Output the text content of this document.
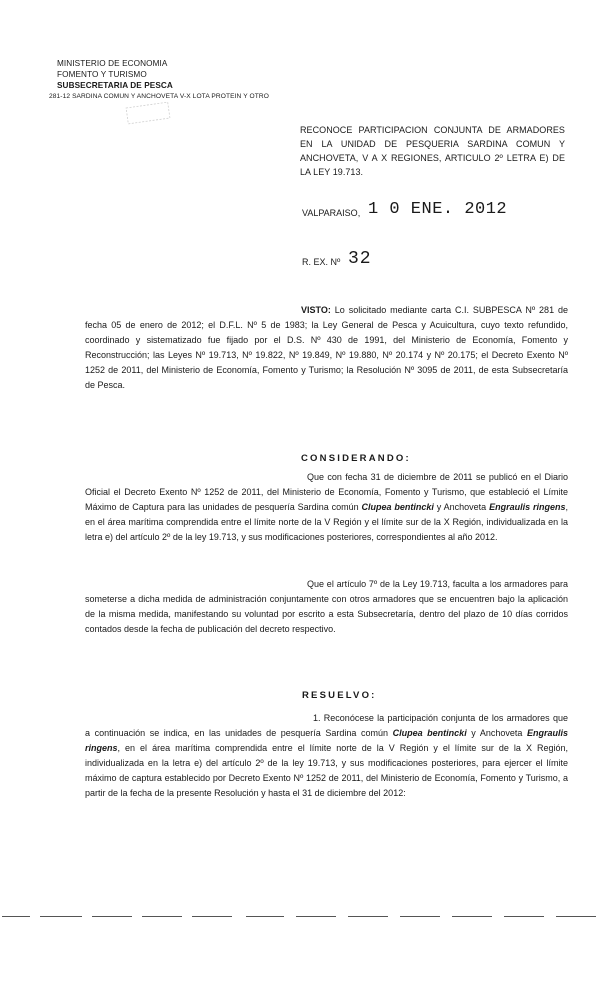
MINISTERIO DE ECONOMIA
FOMENTO Y TURISMO
SUBSECRETARIA DE PESCA
281-12 SARDINA COMUN Y ANCHOVETA V-X LOTA PROTEIN Y OTRO
RECONOCE PARTICIPACION CONJUNTA DE ARMADORES EN LA UNIDAD DE PESQUERIA SARDINA COMUN Y ANCHOVETA, V A X REGIONES, ARTICULO 2º LETRA E) DE LA LEY 19.713.
VALPARAISO, 1 0 ENE. 2012
R. EX. Nº 32
VISTO: Lo solicitado mediante carta C.I. SUBPESCA Nº 281 de fecha 05 de enero de 2012; el D.F.L. Nº 5 de 1983; la Ley General de Pesca y Acuicultura, cuyo texto refundido, coordinado y sistematizado fue fijado por el D.S. Nº 430 de 1991, del Ministerio de Economía, Fomento y Reconstrucción; las Leyes Nº 19.713, Nº 19.822, Nº 19.849, Nº 19.880, Nº 20.174 y Nº 20.175; el Decreto Exento Nº 1252 de 2011, del Ministerio de Economía, Fomento y Turismo; la Resolución Nº 3095 de 2011, de esta Subsecretaría de Pesca.
CONSIDERANDO:
Que con fecha 31 de diciembre de 2011 se publicó en el Diario Oficial el Decreto Exento Nº 1252 de 2011, del Ministerio de Economía, Fomento y Turismo, que estableció el Límite Máximo de Captura para las unidades de pesquería Sardina común Clupea bentincki y Anchoveta Engraulis ringens, en el área marítima comprendida entre el límite norte de la V Región y el límite sur de la X Región, individualizada en la letra e) del artículo 2º de la ley 19.713, y sus modificaciones posteriores, correspondientes al año 2012.
Que el artículo 7º de la Ley 19.713, faculta a los armadores para someterse a dicha medida de administración conjuntamente con otros armadores que se encuentren bajo la aplicación de la misma medida, manifestando su voluntad por escrito a esta Subsecretaría, dentro del plazo de 10 días corridos contados desde la fecha de publicación del decreto respectivo.
RESUELVO:
1. Reconócese la participación conjunta de los armadores que a continuación se indica, en las unidades de pesquería Sardina común Clupea bentincki y Anchoveta Engraulis ringens, en el área marítima comprendida entre el límite norte de la V Región y el límite sur de la X Región, individualizada en la letra e) del artículo 2º de la ley 19.713, y sus modificaciones posteriores, para ejercer el límite máximo de captura establecido por Decreto Exento Nº 1252 de 2011, del Ministerio de Economía, Fomento y Turismo, a partir de la fecha de la presente Resolución y hasta el 31 de diciembre del 2012:
